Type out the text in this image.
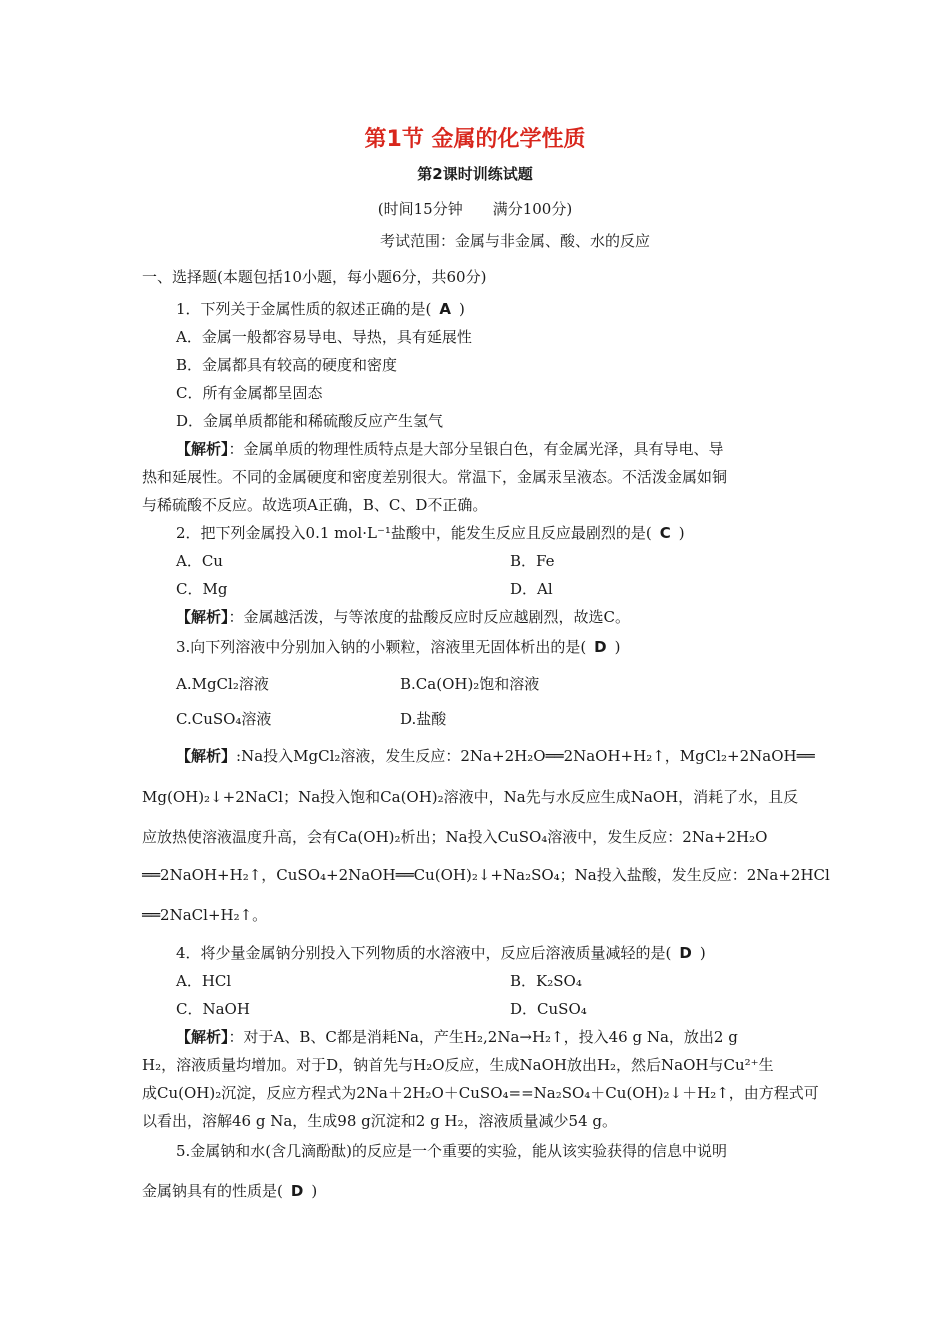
第1节 金属的化学性质
第2课时训练试题
(时间15分钟　　满分100分)
考试范围：金属与非金属、酸、水的反应
一、选择题(本题包括10小题，每小题6分，共60分)
1．下列关于金属性质的叙述正确的是( A )
A．金属一般都容易导电、导热，具有延展性
B．金属都具有较高的硬度和密度
C．所有金属都呈固态
D．金属单质都能和稀硫酸反应产生氢气
【解析】：金属单质的物理性质特点是大部分呈银白色，有金属光泽，具有导电、导
热和延展性。不同的金属硬度和密度差别很大。常温下，金属汞呈液态。不活泼金属如铜
与稀硫酸不反应。故选项A正确，B、C、D不正确。
2．把下列金属投入0.1 mol·L⁻¹盐酸中，能发生反应且反应最剧烈的是( C )
A．Cu	B．Fe
C．Mg	D．Al
【解析】：金属越活泼，与等浓度的盐酸反应时反应越剧烈，故选C。
3.向下列溶液中分别加入钠的小颗粒，溶液里无固体析出的是( D )
A.MgCl₂溶液	B.Ca(OH)₂饱和溶液
C.CuSO₄溶液	D.盐酸
【解析】:Na投入MgCl₂溶液，发生反应：2Na+2H₂O══2NaOH+H₂↑，MgCl₂+2NaOH══
Mg(OH)₂↓+2NaCl；Na投入饱和Ca(OH)₂溶液中，Na先与水反应生成NaOH，消耗了水，且反
应放热使溶液温度升高，会有Ca(OH)₂析出；Na投入CuSO₄溶液中，发生反应：2Na+2H₂O
══2NaOH+H₂↑，CuSO₄+2NaOH══Cu(OH)₂↓+Na₂SO₄；Na投入盐酸，发生反应：2Na+2HCl
══2NaCl+H₂↑。
4．将少量金属钠分别投入下列物质的水溶液中，反应后溶液质量减轻的是( D )
A．HCl	B．K₂SO₄
C．NaOH	D．CuSO₄
【解析】：对于A、B、C都是消耗Na，产生H₂,2Na→H₂↑，投入46 g Na，放出2 g
H₂，溶液质量均增加。对于D，钠首先与H₂O反应，生成NaOH放出H₂，然后NaOH与Cu²⁺生
成Cu(OH)₂沉淀，反应方程式为2Na＋2H₂O＋CuSO₄==Na₂SO₄＋Cu(OH)₂↓＋H₂↑，由方程式可
以看出，溶解46 g Na，生成98 g沉淀和2 g H₂，溶液质量减少54 g。
5.金属钠和水(含几滴酚酞)的反应是一个重要的实验，能从该实验获得的信息中说明
金属钠具有的性质是( D )
